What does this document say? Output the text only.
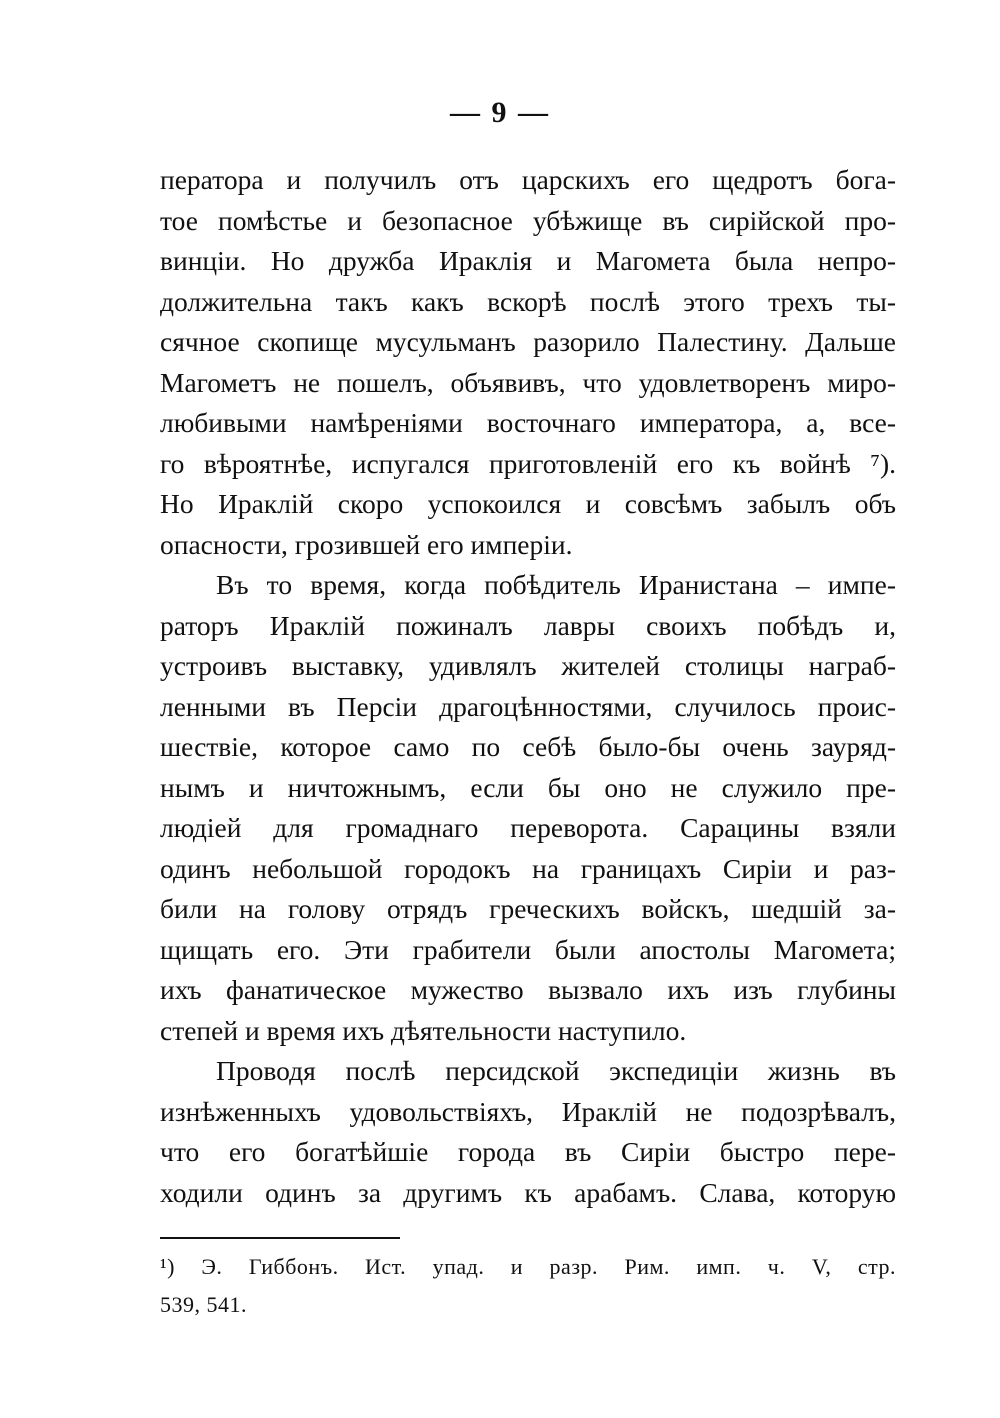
— 9 —
ператора и получилъ отъ царскихъ его щедротъ бога-
тое помѣстье и безопасное убѣжище въ сирійской про-
винціи. Но дружба Ираклія и Магомета была непро-
должительна такъ какъ вскорѣ послѣ этого трехъ ты-
сячное скопище мусульманъ разорило Палестину. Дальше
Магометъ не пошелъ, объявивъ, что удовлетворенъ миро-
любивыми намѣреніями восточнаго императора, а, все-
го вѣроятнѣе, испугался приготовленій его къ войнѣ ⁷).
Но Ираклій скоро успокоился и совсѣмъ забылъ объ
опасности, грозившей его имперіи.
Въ то время, когда побѣдитель Иранистана – импе-
раторъ Ираклій пожиналъ лавры своихъ побѣдъ и,
устроивъ выставку, удивлялъ жителей столицы награб-
ленными въ Персіи драгоцѣнностями, случилось проис-
шествіе, которое само по себѣ было-бы очень зауряд-
нымъ и ничтожнымъ, если бы оно не служило пре-
людіей для громаднаго переворота. Сарацины взяли
одинъ небольшой городокъ на границахъ Сиріи и раз-
били на голову отрядъ греческихъ войскъ, шедшій за-
щищать его. Эти грабители были апостолы Магомета;
ихъ фанатическое мужество вызвало ихъ изъ глубины
степей и время ихъ дѣятельности наступило.
Проводя послѣ персидской экспедиціи жизнь въ
изнѣженныхъ удовольствіяхъ, Ираклій не подозрѣвалъ,
что его богатѣйшіе города въ Сиріи быстро пере-
ходили одинъ за другимъ къ арабамъ. Слава, которую
¹) Э. Гиббонъ. Ист. упад. и разр. Рим. имп. ч. V, стр.
539, 541.
